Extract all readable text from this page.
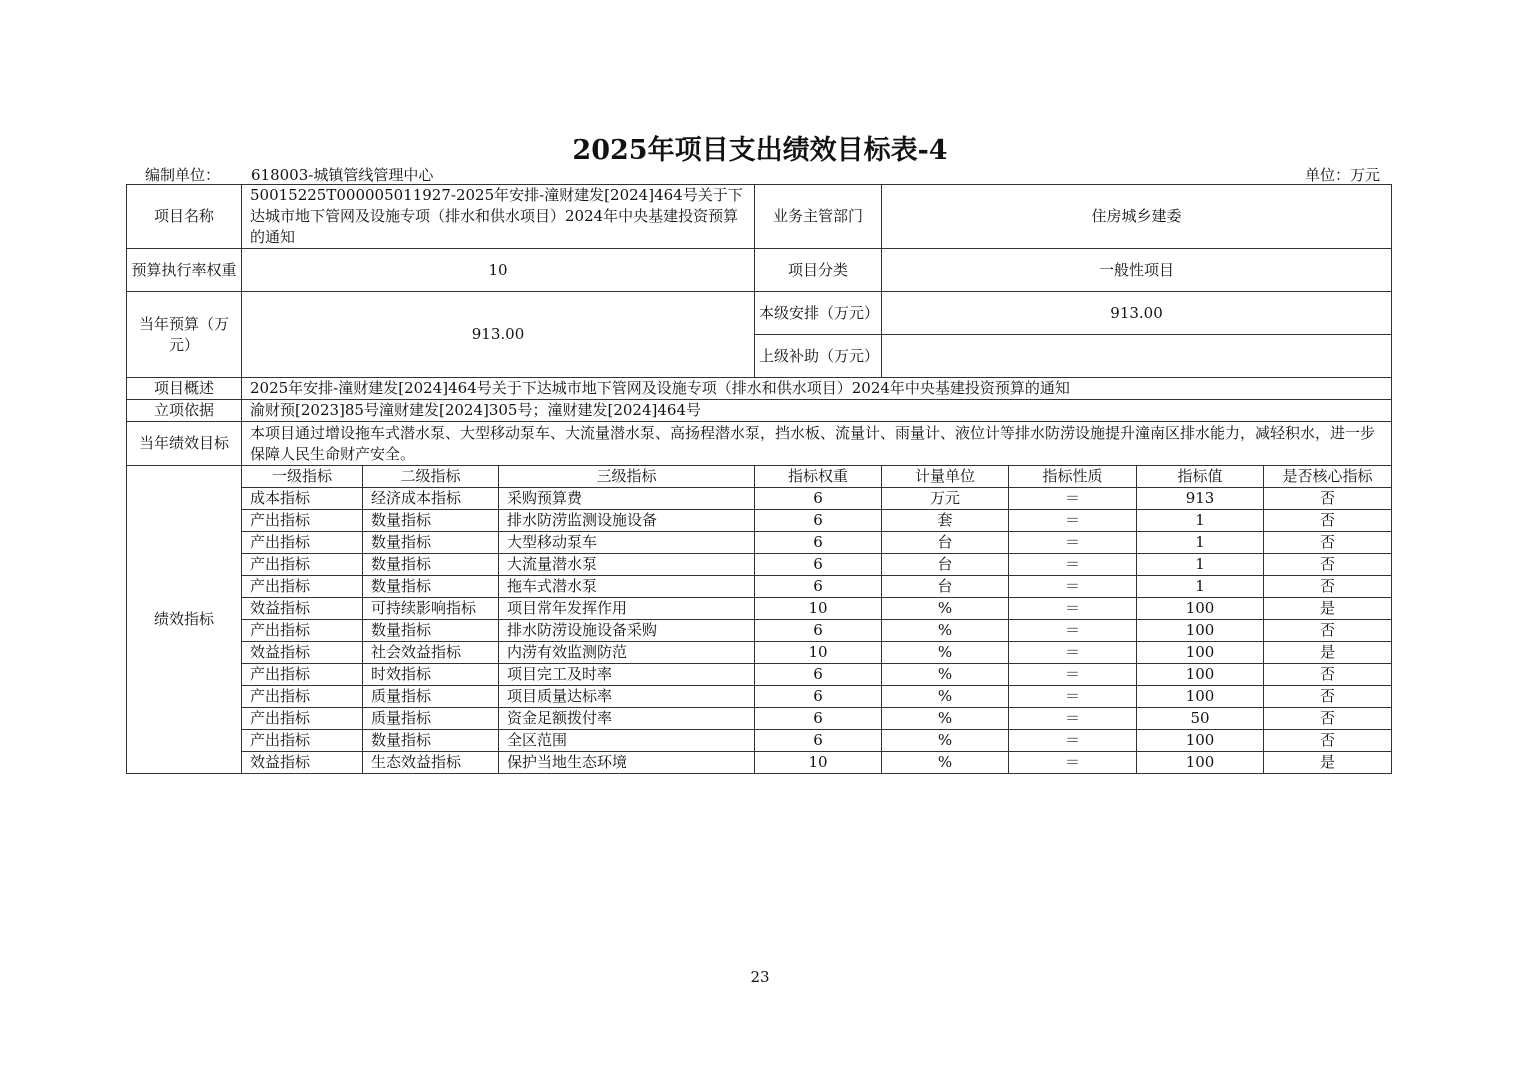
2025年项目支出绩效目标表-4
编制单位： 618003-城镇管线管理中心	单位：万元
项目名称	50015225T000005011927-2025年安排-潼财建发[2024]464号关于下达城市地下管网及设施专项（排水和供水项目）2024年中央基建投资预算的通知			业务主管部门	住房城乡建委			
预算执行率权重	10			项目分类	一般性项目			
当年预算（万元）	913.00			本级安排（万元）	913.00			
				上级补助（万元）				
项目概述	2025年安排-潼财建发[2024]464号关于下达城市地下管网及设施专项（排水和供水项目）2024年中央基建投资预算的通知							
立项依据	渝财预[2023]85号潼财建发[2024]305号；潼财建发[2024]464号							
当年绩效目标	本项目通过增设拖车式潜水泵、大型移动泵车、大流量潜水泵、高扬程潜水泵，挡水板、流量计、雨量计、液位计等排水防涝设施提升潼南区排水能力，减轻积水，进一步保障人民生命财产安全。							
绩效指标	一级指标	二级指标	三级指标	指标权重	计量单位	指标性质	指标值	是否核心指标
	成本指标	经济成本指标	采购预算费	6	万元	＝	913	否
	产出指标	数量指标	排水防涝监测设施设备	6	套	＝	1	否
	产出指标	数量指标	大型移动泵车	6	台	＝	1	否
	产出指标	数量指标	大流量潜水泵	6	台	＝	1	否
	产出指标	数量指标	拖车式潜水泵	6	台	＝	1	否
	效益指标	可持续影响指标	项目常年发挥作用	10	%	＝	100	是
	产出指标	数量指标	排水防涝设施设备采购	6	%	＝	100	否
	效益指标	社会效益指标	内涝有效监测防范	10	%	＝	100	是
	产出指标	时效指标	项目完工及时率	6	%	＝	100	否
	产出指标	质量指标	项目质量达标率	6	%	＝	100	否
	产出指标	质量指标	资金足额拨付率	6	%	＝	50	否
	产出指标	数量指标	全区范围	6	%	＝	100	否
	效益指标	生态效益指标	保护当地生态环境	10	%	＝	100	是
23
